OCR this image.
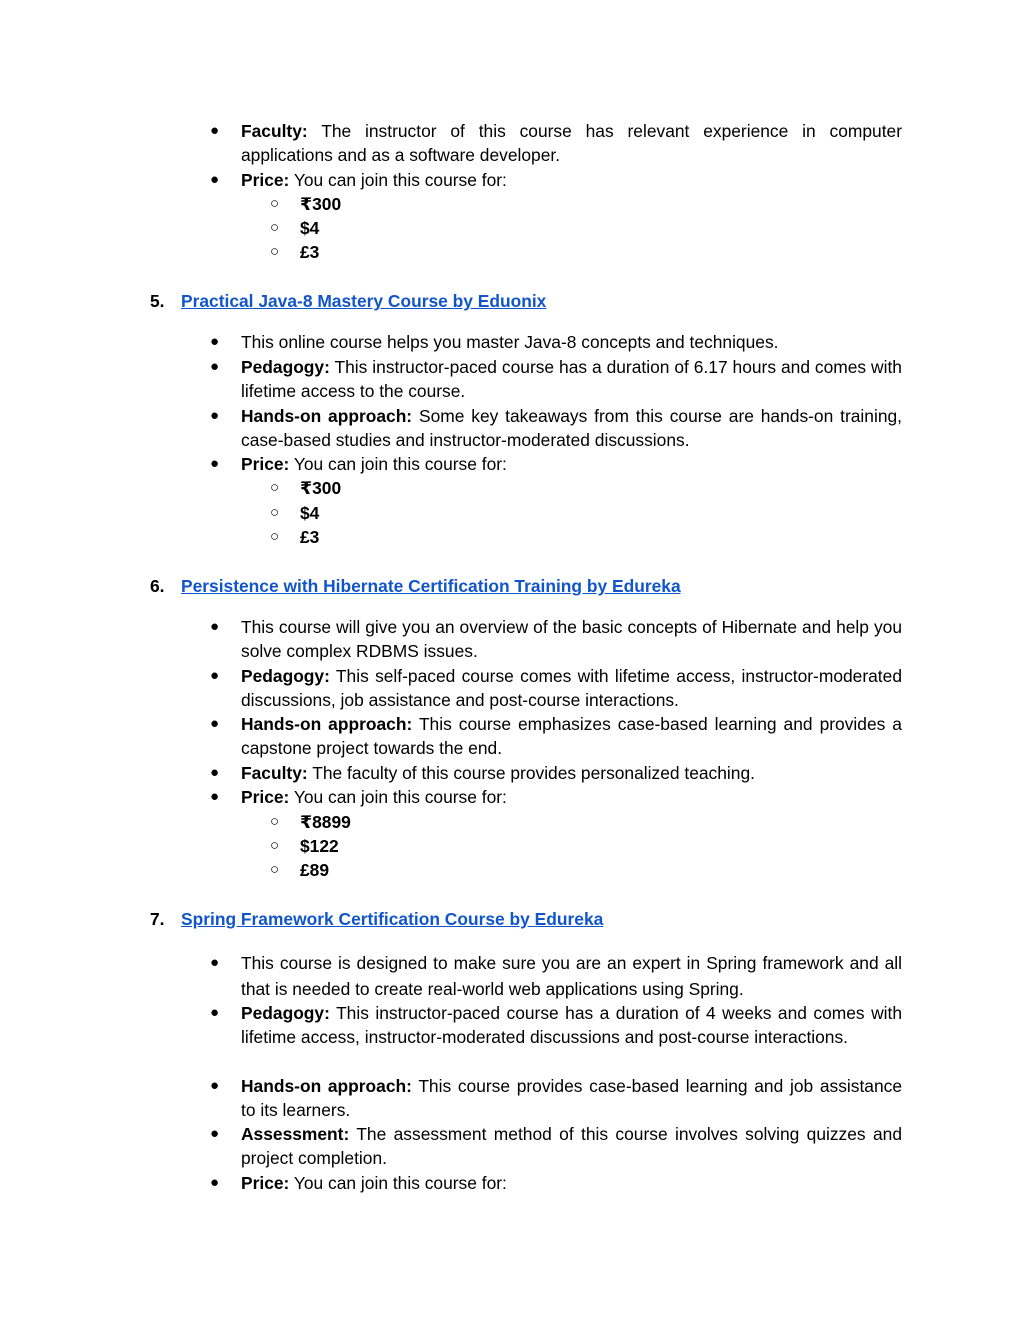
● Faculty: The instructor of this course has relevant experience in computer applications and as a software developer.

● Price: You can join this course for:

○ ₹300
○ $4
○ £3
5. Practical Java-8 Mastery Course by Eduonix
● This online course helps you master Java-8 concepts and techniques.

● Pedagogy: This instructor-paced course has a duration of 6.17 hours and comes with lifetime access to the course.

● Hands-on approach: Some key takeaways from this course are hands-on training, case-based studies and instructor-moderated discussions.

● Price: You can join this course for:

○ ₹300
○ $4
○ £3
6. Persistence with Hibernate Certification Training by Edureka
● This course will give you an overview of the basic concepts of Hibernate and help you solve complex RDBMS issues.

● Pedagogy: This self-paced course comes with lifetime access, instructor-moderated discussions, job assistance and post-course interactions.

● Hands-on approach: This course emphasizes case-based learning and provides a capstone project towards the end.

● Faculty: The faculty of this course provides personalized teaching.

● Price: You can join this course for:

○ ₹8899
○ $122
○ £89
7. Spring Framework Certification Course by Edureka
● This course is designed to make sure you are an expert in Spring framework and all that is needed to create real-world web applications using Spring.

● Pedagogy: This instructor-paced course has a duration of 4 weeks and comes with lifetime access, instructor-moderated discussions and post-course interactions.

● Hands-on approach: This course provides case-based learning and job assistance to its learners.

● Assessment: The assessment method of this course involves solving quizzes and project completion.

● Price: You can join this course for:
